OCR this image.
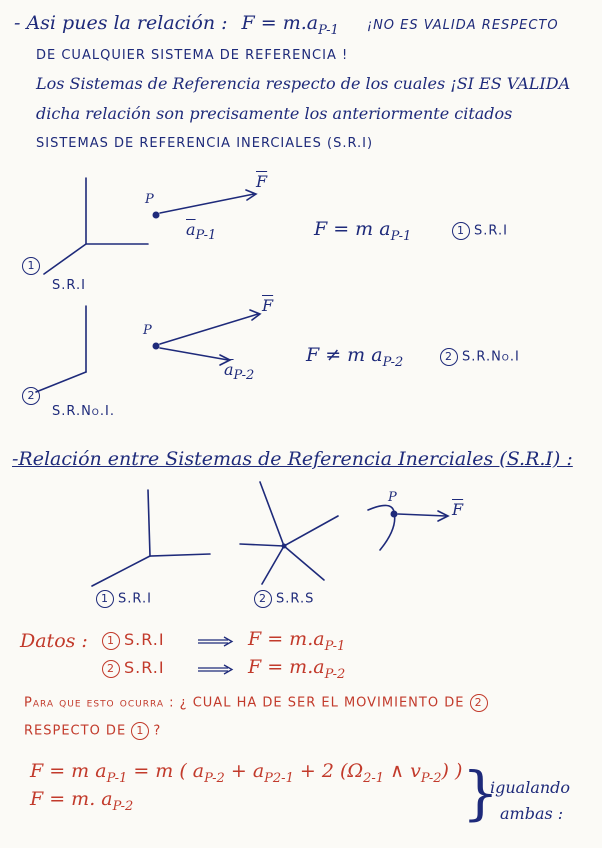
- Asi pues la relación : $F = m.a_{P-1}$ ¡NO ES VALIDA RESPECTO
DE CUALQUIER SISTEMA DE REFERENCIA !
Los Sistemas de Referencia respecto de los cuales ¡SI ES VALIDA
dicha relación son precisamente los anteriormente citados
SISTEMAS DE REFERENCIA INERCIALES (S.R.I)
1
S.R.I
P
$\overline{F}$
$\overline{a}_{P-1}$	F = m $a_{P-1}$	1 S.R.I
2
S.R.No.I.
P
$\overline{F}$
$\overline{a}_{P-2}$
F ≠ m $a_{P-2}$	2 S.R.No.I
-Relación entre Sistemas de Referencia Inerciales (S.R.I) :
1 S.R.I	2 S.R.S
P
$\overline{F}$
Datos :	1 S.R.I	$F = m.a_{P-1}$
2 S.R.I	$F = m.a_{P-2}$
Para que esto ocurra : ¿ CUAL HA DE SER EL MOVIMIENTO DE 2
RESPECTO DE 1 ?
F = m $a_{P-1} = m$ ( $a_{P-2} + a_{P2-1} + 2$ ($\Omega_{2-1}$ ∧ $v_{P-2}$) )
F = m. $a_{P-2}$	}
igualando
ambas :
